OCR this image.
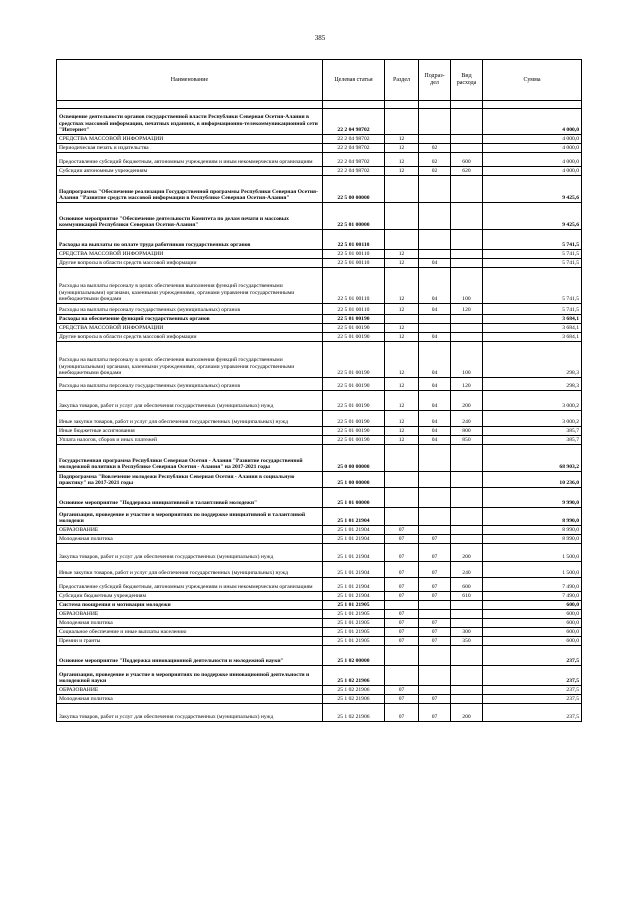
385
Наименование	Целевая статья	Раздел	Подраз-дел	Вид расхода	Сумма

Освещение деятельности органов государственной власти Республики Северная Осетия-Алания в средствах массовой информации, печатных изданиях, в информационно-телекоммуникационной сети "Интернет"	22 2 04 98702				4 000,0
СРЕДСТВА МАССОВОЙ ИНФОРМАЦИИ	22 2 04 98702	12			4 000,0
Периодическая печать и издательства	22 2 04 98702	12	02		4 000,0
Предоставление субсидий бюджетным, автономным учреждениям и иным некоммерческим организациям	22 2 04 98702	12	02	600	4 000,0
Субсидии автономным учреждениям	22 2 04 98702	12	02	620	4 000,0
Подпрограмма "Обеспечение реализации Государственной программы Республики Северная Осетия-Алания "Развитие средств массовой информации в Республике Северная Осетия-Алания"	22 5 00 00000				9 425,6
Основное мероприятие "Обеспечение деятельности Комитета по делам печати и массовых коммуникаций Республики Северная Осетия-Алания"	22 5 01 00000				9 425,6
Расходы на выплаты по оплате труда работников государственных органов	22 5 01 00110				5 741,5
СРЕДСТВА МАССОВОЙ ИНФОРМАЦИИ	22 5 01 00110	12			5 741,5
Другие вопросы в области средств массовой информации	22 5 01 00110	12	04		5 741,5
Расходы на выплаты персоналу в целях обеспечения выполнения функций государственными (муниципальными) органами, казенными учреждениями, органами управления государственными внебюджетными фондами	22 5 01 00110	12	04	100	5 741,5
Расходы на выплаты персоналу государственных (муниципальных) органов	22 5 01 00110	12	04	120	5 741,5
Расходы на обеспечение функций государственных органов	22 5 01 00190				3 684,1
СРЕДСТВА МАССОВОЙ ИНФОРМАЦИИ	22 5 01 00190	12			3 684,1
Другие вопросы в области средств массовой информации	22 5 01 00190	12	04		3 684,1
Расходы на выплаты персоналу в целях обеспечения выполнения функций государственными (муниципальными) органами, казенными учреждениями, органами управления государственными внебюджетными фондами	22 5 01 00190	12	04	100	298,3
Расходы на выплаты персоналу государственных (муниципальных) органов	22 5 01 00190	12	04	120	298,3
Закупка товаров, работ и услуг для обеспечения государственных (муниципальных) нужд	22 5 01 00190	12	04	200	3 000,2
Иные закупки товаров, работ и услуг для обеспечения государственных (муниципальных) нужд	22 5 01 00190	12	04	240	3 000,2
Иные бюджетные ассигнования	22 5 01 00190	12	04	800	385,7
Уплата налогов, сборов и иных платежей	22 5 01 00190	12	04	850	385,7
Государственная программа Республики Северная Осетия - Алания "Развитие государственной молодежной политики в Республике Северная Осетия - Алания" на 2017-2021 годы	25 0 00 00000				68 903,2
Подпрограмма "Вовлечение молодежи Республики Северная Осетия - Алания в социальную практику" на 2017-2021 годы	25 1 00 00000				10 236,0
Основное мероприятие "Поддержка инициативной и талантливой молодежи"	25 1 01 00000				9 990,0
Организация, проведение и участие в мероприятиях по поддержке инициативной и талантливой молодежи	25 1 01 21904				8 990,0
ОБРАЗОВАНИЕ	25 1 01 21904	07			8 990,0
Молодежная политика	25 1 01 21904	07	07		8 990,0
Закупка товаров, работ и услуг для обеспечения государственных (муниципальных) нужд	25 1 01 21904	07	07	200	1 500,0
Иные закупки товаров, работ и услуг для обеспечения государственных (муниципальных) нужд	25 1 01 21904	07	07	240	1 500,0
Предоставление субсидий бюджетным, автономным учреждениям и иным некоммерческим организациям	25 1 01 21904	07	07	600	7 490,0
Субсидии бюджетным учреждениям	25 1 01 21904	07	07	610	7 490,0
Система поощрения и мотивации молодежи	25 1 01 21905				600,0
ОБРАЗОВАНИЕ	25 1 01 21905	07			600,0
Молодежная политика	25 1 01 21905	07	07		600,0
Социальное обеспечение и иные выплаты населению	25 1 01 21905	07	07	300	600,0
Премии и гранты	25 1 01 21905	07	07	350	600,0
Основное мероприятие "Поддержка инновационной деятельности и молодежной науки"	25 1 02 00000				237,5
Организация, проведение и участие в мероприятиях по поддержке инновационной деятельности и молодежной науки	25 1 02 21906				237,5
ОБРАЗОВАНИЕ	25 1 02 21906	07			237,5
Молодежная политика	25 1 02 21906	07	07		237,5
Закупка товаров, работ и услуг для обеспечения государственных (муниципальных) нужд	25 1 02 21906	07	07	200	237,5
